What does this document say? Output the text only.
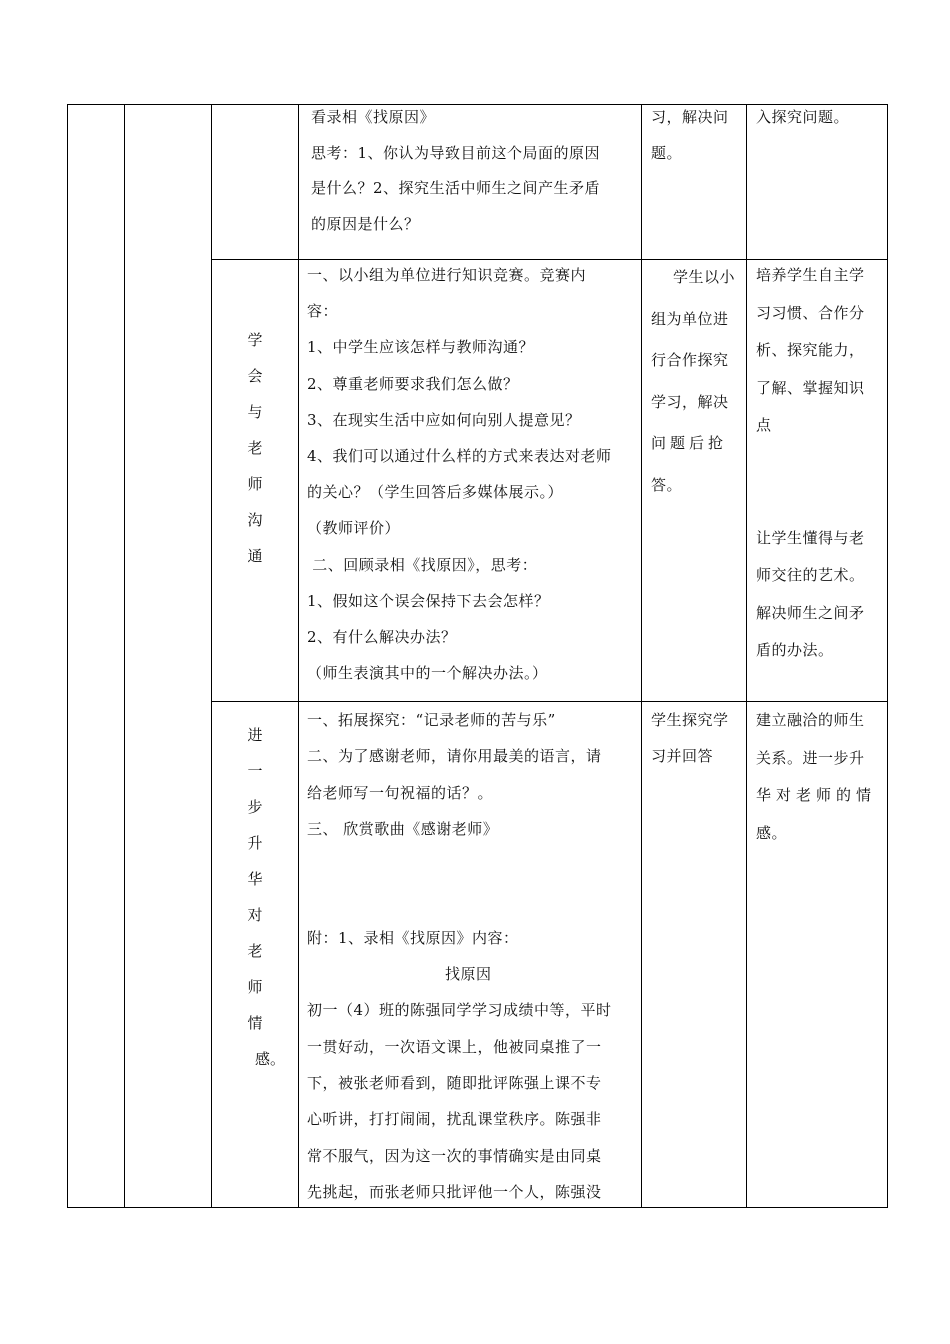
看录相《找原因》
思考：1、你认为导致目前这个局面的原因
是什么？2、探究生活中师生之间产生矛盾
的原因是什么？
习，解决问
题。
入探究问题。
学
会
与
老
师
沟
通
一、以小组为单位进行知识竞赛。竞赛内
容：
1、中学生应该怎样与教师沟通？
2、尊重老师要求我们怎么做？
3、在现实生活中应如何向别人提意见？
4、我们可以通过什么样的方式来表达对老师
的关心？（学生回答后多媒体展示。）
（教师评价）
二、回顾录相《找原因》，思考：
1、假如这个误会保持下去会怎样？
2、有什么解决办法？
（师生表演其中的一个解决办法。）
学生以小
组为单位进
行合作探究
学习，解决
问题后抢
答。
培养学生自主学
习习惯、合作分
析、探究能力，
了解、掌握知识
点

让学生懂得与老
师交往的艺术。
解决师生之间矛
盾的办法。
进
一
步
升
华
对
老
师
情
感。
一、拓展探究：“记录老师的苦与乐”
二、为了感谢老师，请你用最美的语言，请
给老师写一句祝福的话？。
三、 欣赏歌曲《感谢老师》

附：1、录相《找原因》内容：
找原因
初一（4）班的陈强同学学习成绩中等，平时
一贯好动，一次语文课上，他被同桌推了一
下，被张老师看到，随即批评陈强上课不专
心听讲，打打闹闹，扰乱课堂秩序。陈强非
常不服气，因为这一次的事情确实是由同桌
先挑起，而张老师只批评他一个人，陈强没
学生探究学
习并回答
建立融洽的师生
关系。进一步升
华对老师的情
感。
